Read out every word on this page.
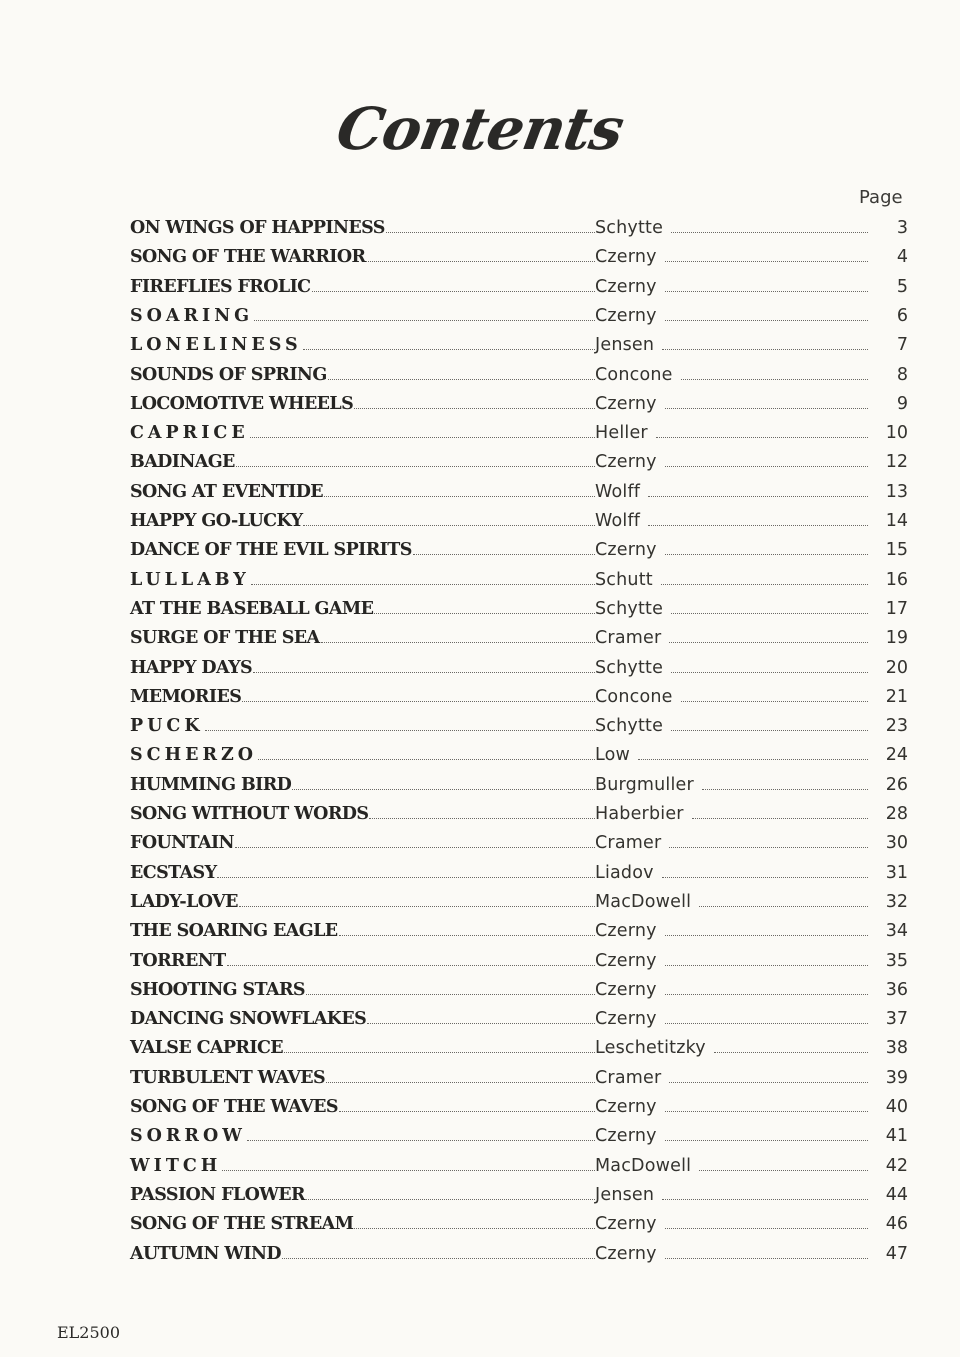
Contents
Page
ON WINGS OF HAPPINESS	Schytte	3
SONG OF THE WARRIOR	Czerny	4
FIREFLIES FROLIC	Czerny	5
SOARING	Czerny	6
LONELINESS	Jensen	7
SOUNDS OF SPRING	Concone	8
LOCOMOTIVE WHEELS	Czerny	9
CAPRICE	Heller	10
BADINAGE	Czerny	12
SONG AT EVENTIDE	Wolff	13
HAPPY GO-LUCKY	Wolff	14
DANCE OF THE EVIL SPIRITS	Czerny	15
LULLABY	Schutt	16
AT THE BASEBALL GAME	Schytte	17
SURGE OF THE SEA	Cramer	19
HAPPY DAYS	Schytte	20
MEMORIES	Concone	21
PUCK	Schytte	23
SCHERZO	Low	24
HUMMING BIRD	Burgmuller	26
SONG WITHOUT WORDS	Haberbier	28
FOUNTAIN	Cramer	30
ECSTASY	Liadov	31
LADY-LOVE	MacDowell	32
THE SOARING EAGLE	Czerny	34
TORRENT	Czerny	35
SHOOTING STARS	Czerny	36
DANCING SNOWFLAKES	Czerny	37
VALSE CAPRICE	Leschetitzky	38
TURBULENT WAVES	Cramer	39
SONG OF THE WAVES	Czerny	40
SORROW	Czerny	41
WITCH	MacDowell	42
PASSION FLOWER	Jensen	44
SONG OF THE STREAM	Czerny	46
AUTUMN WIND	Czerny	47
EL2500
